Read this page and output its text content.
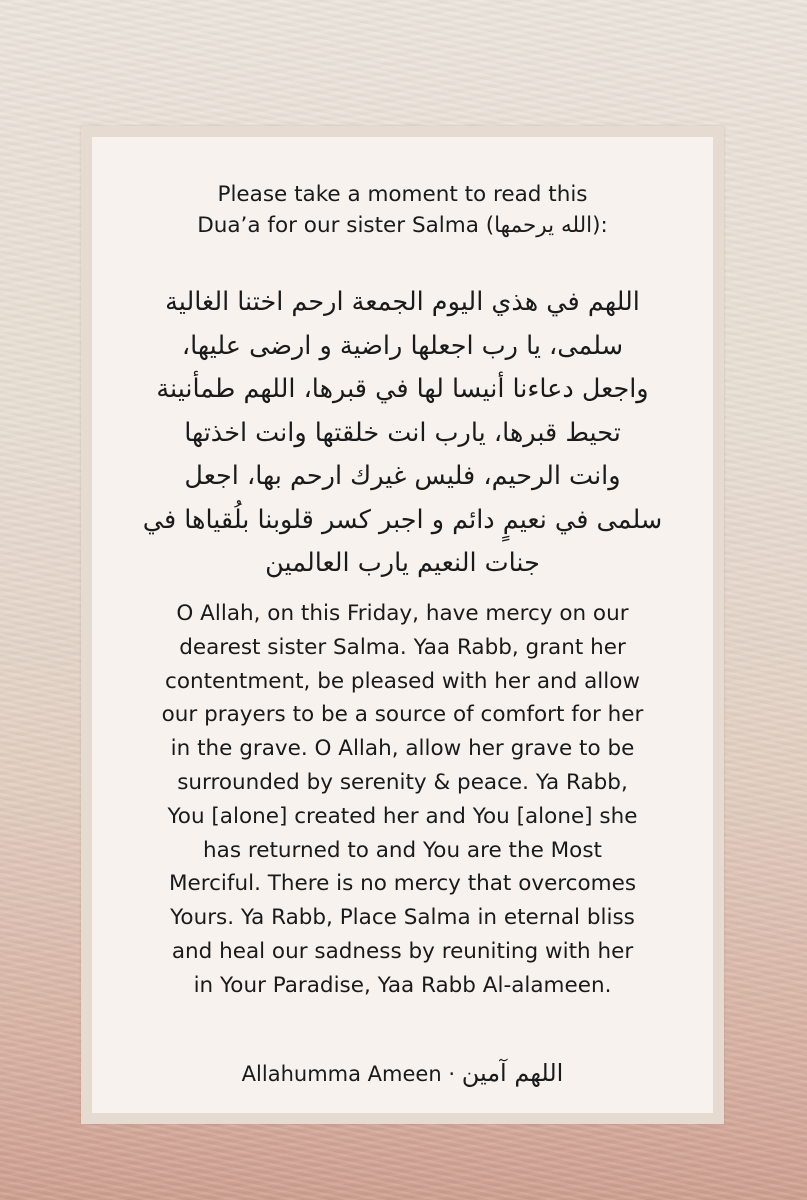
Please take a moment to read this
Dua’a for our sister Salma (الله يرحمها):
اللهم في هذي اليوم الجمعة ارحم اختنا الغالية
سلمى، يا رب اجعلها راضية و ارضى عليها،
واجعل دعاءنا أنيسا لها في قبرها، اللهم طمأنينة
تحيط قبرها، يارب انت خلقتها وانت اخذتها
وانت الرحيم، فليس غيرك ارحم بها، اجعل
سلمى في نعيمٍ دائم و اجبر كسر قلوبنا بلُقياها في
جنات النعيم يارب العالمين
O Allah, on this Friday, have mercy on our
dearest sister Salma. Yaa Rabb, grant her
contentment, be pleased with her and allow
our prayers to be a source of comfort for her
in the grave. O Allah, allow her grave to be
surrounded by serenity & peace. Ya Rabb,
You [alone] created her and You [alone] she
has returned to and You are the Most
Merciful. There is no mercy that overcomes
Yours. Ya Rabb, Place Salma in eternal bliss
and heal our sadness by reuniting with her
in Your Paradise, Yaa Rabb Al-alameen.
Allahumma Ameen · اللهم آمين
